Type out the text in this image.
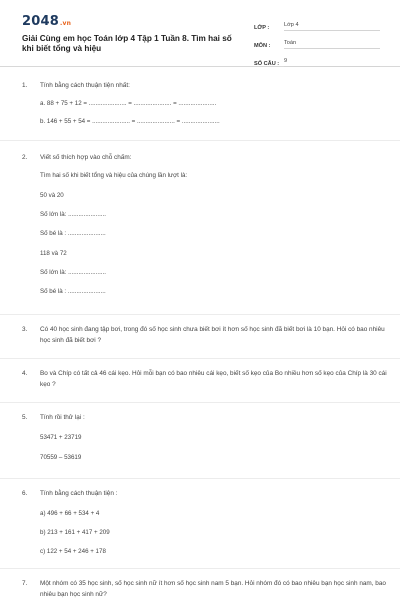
2048.vn
Giải Cùng em học Toán lớp 4 Tập 1 Tuần 8. Tìm hai số khi biết tổng và hiệu
LỚP :	Lớp 4
MÔN :	Toán
SỐ CÂU : 9
1. Tính bằng cách thuận tiện nhất:
a. 88 + 75 + 12 = ...................... = ...................... = ......................
b. 146 + 55 + 54 = ...................... = ...................... = ......................
2. Viết số thích hợp vào chỗ chấm:
Tìm hai số khi biết tổng và hiệu của chúng lần lượt là:
50 và 20
Số lớn là: ......................
Số bé là : ......................
118 và 72
Số lớn là: ......................
Số bé là : ......................
3. Có 40 học sinh đang tập bơi, trong đó số học sinh chưa biết bơi ít hơn số học sinh đã biết bơi là 10 bạn. Hỏi có bao nhiêu học sinh đã biết bơi ?
4. Bo và Chíp có tất cả 46 cái kẹo. Hỏi mỗi bạn có bao nhiêu cái kẹo, biết số kẹo của Bo nhiều hơn số kẹo của Chíp là 30 cái kẹo ?
5. Tính rồi thử lại :
53471 + 23719
70559 – 53619
6. Tính bằng cách thuận tiện :
a) 496 + 66 + 534 + 4
b) 213 + 161 + 417 + 209
c) 122 + 54 + 246 + 178
7. Một nhóm có 35 học sinh, số học sinh nữ ít hơn số học sinh nam 5 bạn. Hỏi nhóm đó có bao nhiêu bạn học sinh nam, bao nhiêu bạn học sinh nữ?
